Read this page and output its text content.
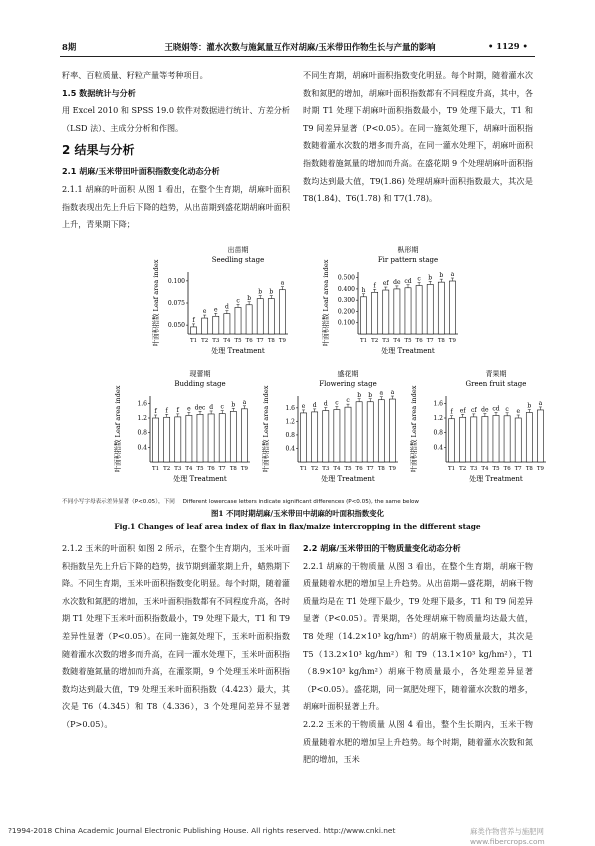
8期	王晓娟等：灌水次数与施氮量互作对胡麻/玉米带田作物生长与产量的影响	• 1129 •

籽率、百粒质量、籽粒产量等考种项目。

1.5 数据统计与分析

用 Excel 2010 和 SPSS 19.0 软件对数据进行统计、方差分析（LSD 法）、主成分分析和作图。

2 结果与分析

2.1 胡麻/玉米带田叶面积指数变化动态分析

2.1.1 胡麻的叶面积 从图 1 看出，在整个生育期，胡麻叶面积指数表现出先上升后下降的趋势，从出苗期到盛花期胡麻叶面积上升，青果期下降；

不同生育期，胡麻叶面积指数变化明显。每个时期，随着灌水次数和氮肥的增加，胡麻叶面积指数都有不同程度升高，其中，各时期 T1 处理下胡麻叶面积指数最小，T9 处理下最大，T1 和 T9 间差异显著（P<0.05）。在同一施氮处理下，胡麻叶面积指数随着灌水次数的增多而升高，在同一灌水处理下，胡麻叶面积指数随着施氮量的增加而升高。在盛花期 9 个处理胡麻叶面积指数均达到最大值，T9(1.86) 处理胡麻叶面积指数最大，其次是 T8(1.84)、T6(1.78) 和 T7(1.78)。

出苗期
Seedling stage
0.050
0.075
0.100
叶面积指数 Leaf area index
f
T1
e
T2
e
T3
d
T4
c
T5
b
T6
b
T7
b
T8
a
T9
处理 Treatment
枞形期
Fir pattern stage
0.100
0.200
0.300
0.400
0.500
叶面积指数 Leaf area index	h
T1
f
T2
ef
T3
de
T4
cd
T5
c
T6
b
T7
b
T8
a
T9
处理 Treatment
现蕾期
Budding stage
0.4
0.8
1.2
1.6
叶面积指数 Leaf area index	f
T1
f
T2
f
T3
e
T4
dec
T5
d
T6
c
T7
b
T8
a
T9
处理 Treatment
盛花期
Flowering stage
0.4
0.8
1.2
1.6
叶面积指数 Leaf area index	e
T1
d
T2
d
T3
c
T4
c
T5
b
T6
b
T7
a
T8
a
T9
处理 Treatment
青果期
Green fruit stage
0.4
0.8
1.2
1.6
叶面积指数 Leaf area index	f
T1
ef
T2
cf
T3
de
T4
cd
T5
c
T6
e
T7
b
T8
a
T9
处理 Treatment
不同小写字母表示差异显著（P<0.05），下同 Different lowercase letters indicate significant differences (P<0.05), the same below
图1 不同时期胡麻/玉米带田中胡麻的叶面积指数变化
Fig.1 Changes of leaf area index of flax in flax/maize intercropping in the different stage

2.1.2 玉米的叶面积 如图 2 所示，在整个生育期内，玉米叶面积指数呈先上升后下降的趋势，拔节期到灌浆期上升，蜡熟期下降。不同生育期，玉米叶面积指数变化明显。每个时期，随着灌水次数和氮肥的增加，玉米叶面积指数都有不同程度升高，各时期 T1 处理下玉米叶面积指数最小，T9 处理下最大，T1 和 T9 差异性显著（P<0.05）。在同一施氮处理下，玉米叶面积指数随着灌水次数的增多而升高，在同一灌水处理下，玉米叶面积指数随着施氮量的增加而升高，在灌浆期，9 个处理玉米叶面积指数均达到最大值，T9 处理玉米叶面积指数（4.423）最大，其次是 T6（4.345）和 T8（4.336），3 个处理间差异不显著（P>0.05）。

2.2 胡麻/玉米带田的干物质量变化动态分析

2.2.1 胡麻的干物质量 从图 3 看出，在整个生育期，胡麻干物质量随着水肥的增加呈上升趋势。从出苗期—盛花期，胡麻干物质量均是在 T1 处理下最少，T9 处理下最多，T1 和 T9 间差异显著（P<0.05）。青果期，各处理胡麻干物质量均达最大值，T8 处理（14.2×10³ kg/hm²）的胡麻干物质量最大，其次是 T5（13.2×10³ kg/hm²）和 T9（13.1×10³ kg/hm²），T1（8.9×10³ kg/hm²）胡麻干物质量最小，各处理差异显著（P<0.05）。盛花期，同一氮肥处理下，随着灌水次数的增多，胡麻叶面积显著上升。

2.2.2 玉米的干物质量 从图 4 看出，整个生长期内，玉米干物质量随着水肥的增加呈上升趋势。每个时期，随着灌水次数和氮肥的增加，玉米

?1994-2018 China Academic Journal Electronic Publishing House. All rights reserved. http://www.cnki.net	麻类作物营养与施肥网 www.fibercrops.com
